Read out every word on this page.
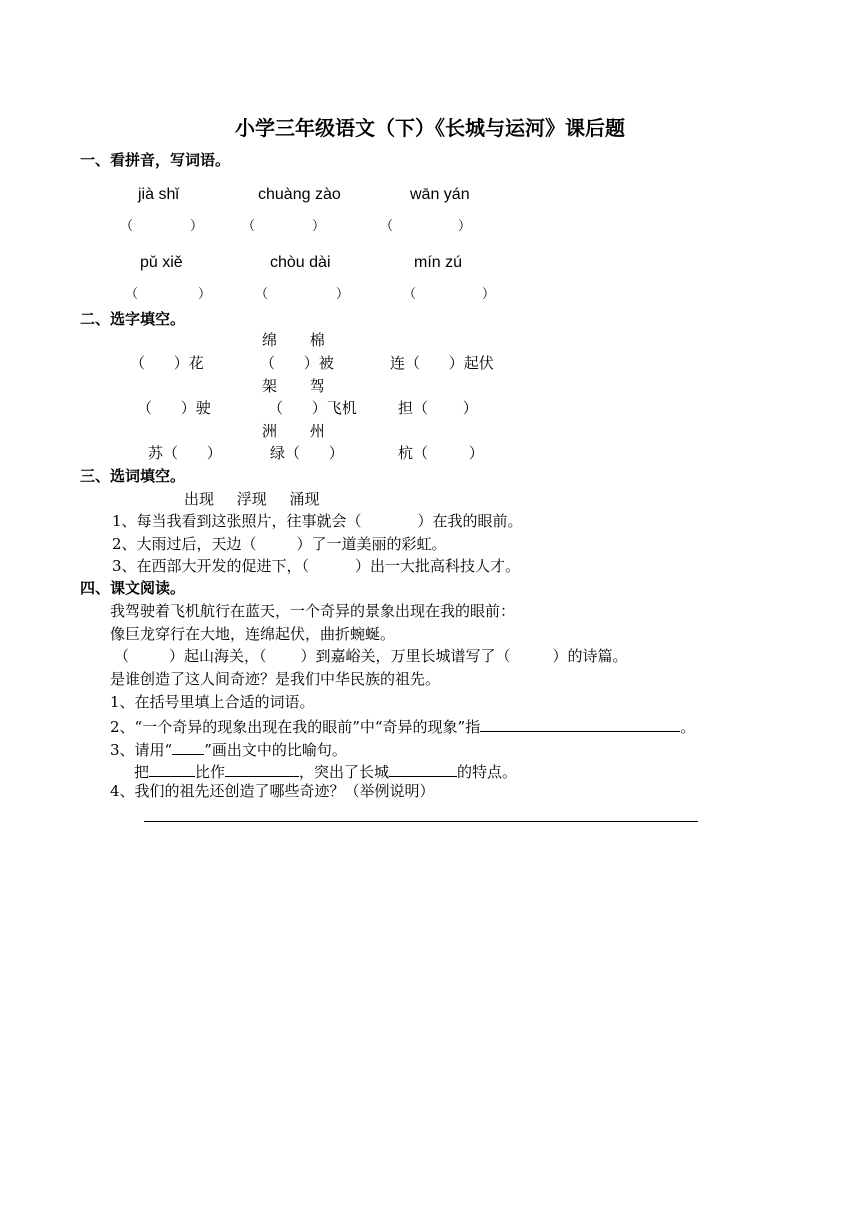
小学三年级语文（下）《长城与运河》课后题
一、看拼音，写词语。
jià shǐ	chuàng zào	wān yán
（	）	（	）	（	）
pǔ xiě	chòu dài	mín zú
（	）	（	）	（	）
二、选字填空。
绵 棉
（ ）花	（ ）被	连（ ）起伏
架 驾
（ ）驶	（ ）飞机	担（ ）
洲 州
苏（ ）	绿（ ）	杭（ ）
三、选词填空。
出现 浮现 涌现
1、每当我看到这张照片，往事就会（	）在我的眼前。
2、大雨过后，天边（	）了一道美丽的彩虹。
3、在西部大开发的促进下，（	）出一大批高科技人才。
四、课文阅读。
我驾驶着飞机航行在蓝天，一个奇异的景象出现在我的眼前：
像巨龙穿行在大地，连绵起伏，曲折蜿蜒。
（	）起山海关，（ ）到嘉峪关，万里长城谱写了（	）的诗篇。
是谁创造了这人间奇迹？是我们中华民族的祖先。
1、在括号里填上合适的词语。
2、“一个奇异的现象出现在我的眼前”中“奇异的现象”指	。
3、请用“ ”画出文中的比喻句。
把	比作	，突出了长城	的特点。
4、我们的祖先还创造了哪些奇迹？（举例说明）
